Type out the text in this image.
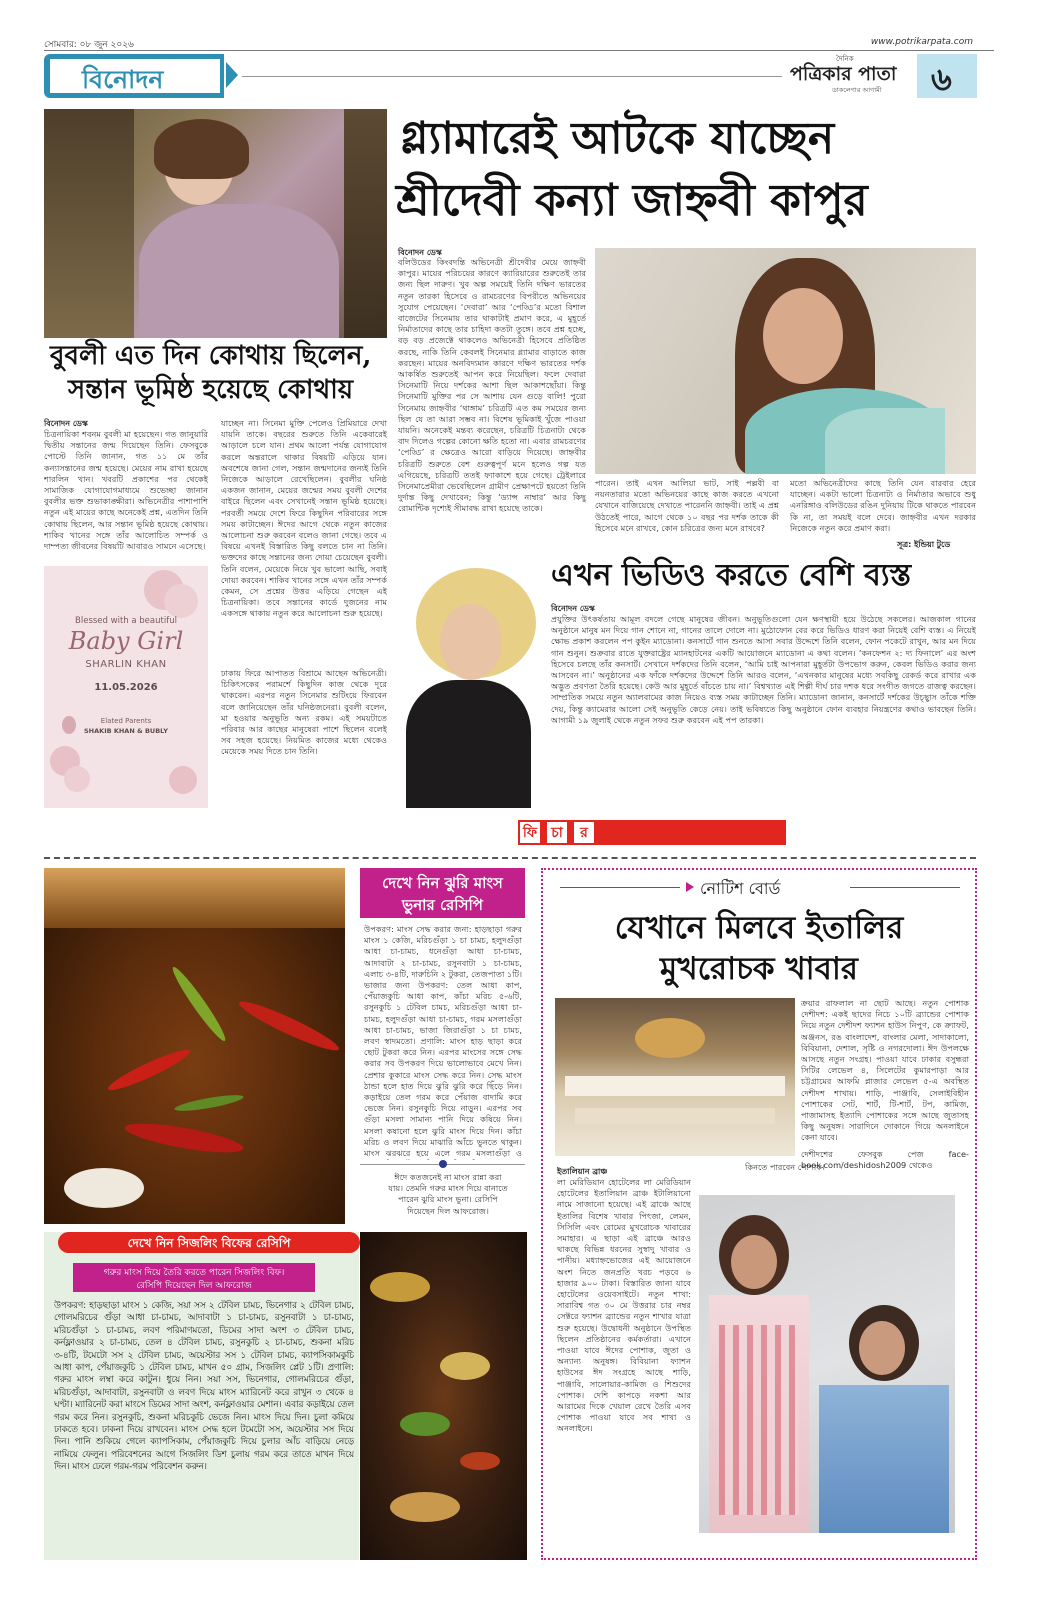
সোমবার: ০৮ জুন ২০২৬	www.potrikarpata.com
বিনোদন
দৈনিক
পত্রিকার পাতা
ডাকলেগার আগামী ৬
বুবলী এত দিন কোথায় ছিলেন,
সন্তান ভূমিষ্ঠ হয়েছে কোথায়
বিনোদন ডেস্ক
চিত্রনায়িকা শবনম বুবলী মা হয়েছেন। গত জানুয়ারি দ্বিতীয় সন্তানের জন্ম দিয়েছেন তিনি। ফেসবুকে পোস্টে তিনি জানান, গত ১১ মে তাঁর কন্যাসন্তানের জন্ম হয়েছে। মেয়ের নাম রাখা হয়েছে শারলিন খান। খবরটি প্রকাশের পর থেকেই সামাজিক যোগাযোগমাধ্যমে শুভেচ্ছা জানান বুবলীর ভক্ত শুভাকাঙ্ক্ষীরা। অভিনেত্রীর পাশাপাশি নতুন এই মায়ের কাছে অনেকেই প্রশ্ন, এতদিন তিনি কোথায় ছিলেন, আর সন্তান ভূমিষ্ঠ হয়েছে কোথায়। শাকিব খানের সঙ্গে তাঁর আলোচিত সম্পর্ক ও দাম্পত্য জীবনের বিষয়টি আবারও সামনে এসেছে।
যাচ্ছেন না। সিনেমা মুক্তি পেলেও প্রিমিয়ারে দেখা যায়নি তাকে। বছরের শুরুতে তিনি একেবারেই আড়ালে চলে যান। প্রথম আলো পর্যন্ত যোগাযোগ করলে অন্তরালে থাকার বিষয়টি এড়িয়ে যান। অবশেষে জানা গেল, সন্তান জন্মদানের জন্যই তিনি নিজেকে আড়ালে রেখেছিলেন। বুবলীর ঘনিষ্ঠ একজন জানান, মেয়ের জন্মের সময় বুবলী দেশের বাইরে ছিলেন এবং সেখানেই সন্তান ভূমিষ্ঠ হয়েছে। পরবর্তী সময়ে দেশে ফিরে কিছুদিন পরিবারের সঙ্গে সময় কাটাচ্ছেন। ঈদের আগে থেকে নতুন কাজের আলোচনা শুরু করবেন বলেও জানা গেছে। তবে এ বিষয়ে এখনই বিস্তারিত কিছু বলতে চান না তিনি। ভক্তদের কাছে সন্তানের জন্য দোয়া চেয়েছেন বুবলী। তিনি বলেন, মেয়েকে নিয়ে খুব ভালো আছি, সবাই দোয়া করবেন। শাকিব খানের সঙ্গে এখন তাঁর সম্পর্ক কেমন, সে প্রশ্নের উত্তর এড়িয়ে গেছেন এই চিত্রনায়িকা। তবে সন্তানের কার্ডে দুজনের নাম একসঙ্গে থাকায় নতুন করে আলোচনা শুরু হয়েছে।
ঢাকায় ফিরে আপাতত বিশ্রামে আছেন অভিনেত্রী। চিকিৎসকের পরামর্শে কিছুদিন কাজ থেকে দূরে থাকবেন। এরপর নতুন সিনেমার শুটিংয়ে ফিরবেন বলে জানিয়েছেন তাঁর ঘনিষ্ঠজনেরা। বুবলী বলেন, মা হওয়ার অনুভূতি অন্য রকম। এই সময়টাতে পরিবার আর কাছের মানুষেরা পাশে ছিলেন বলেই সব সহজ হয়েছে। নিয়মিত কাজের মধ্যে থেকেও মেয়েকে সময় দিতে চান তিনি।
Blessed with a beautiful
Baby Girl
SHARLIN KHAN
11.05.2026
Elated Parents
SHAKIB KHAN & BUBLY
গ্ল্যামারেই আটকে যাচ্ছেন
শ্রীদেবী কন্যা জাহ্নবী কাপুর
বিনোদন ডেস্ক
বলিউডের কিংবদন্তি অভিনেত্রী শ্রীদেবীর মেয়ে জাহ্নবী কাপুর। মায়ের পরিচয়ের কারণে ক্যারিয়ারের শুরুতেই তার জন্য ছিল দারুণ। খুব অল্প সময়েই তিনি দক্ষিণ ভারতের নতুন তারকা হিসেবে ও রামচরণের বিপরীতে অভিনয়ের সুযোগ পেয়েছেন। ‘দেবারা’ আর ‘পেড্ডি’র মতো বিশাল বাজেটের সিনেমায় তার থাকাটাই প্রমাণ করে, এ মুহূর্তে নির্মাতাদের কাছে তার চাহিদা কতটা তুঙ্গে। তবে প্রশ্ন হচ্ছে, বড় বড় প্রজেক্টে থাকলেও অভিনেত্রী হিসেবে প্রতিষ্ঠিত করছে, নাকি তিনি কেবলই সিনেমার গ্ল্যামার বাড়াতে কাজ করছেন। মায়ের অনবিদ্যমান কারণে দক্ষিণ ভারতের দর্শক আকর্ষিত শুরুতেই আপন করে নিয়েছিল। ফলে দেবারা সিনেমাটি নিয়ে দর্শকের আশা ছিল আকাশছোঁয়া। কিন্তু সিনেমাটি মুক্তির পর সে আশায় যেন গুড়ে বালি! পুরো সিনেমায় জাহ্নবীর ‘থাঙ্গাম’ চরিত্রটি এত কম সময়ের জন্য ছিল যে তা আরা সম্ভব না। বিশেষ ভূমিকাই খুঁজে পাওয়া যায়নি। অনেকেই মন্তব্য করেছেন, চরিত্রটি চিত্রনাট্য থেকে বাদ দিলেও গল্পের কোনো ক্ষতি হতো না। এবার রামচরণের ‘পেড্ডি’ র ক্ষেত্রেও আরো বাড়িয়ে দিয়েছে। জাহ্নবীর চরিত্রটি শুরুতে বেশ গুরুত্বপূর্ণ মনে হলেও গল্প যত এগিয়েছে, চরিত্রটি ততই ফ্যাকাশে হয়ে গেছে। ট্রেইলারে সিনেমাপ্রেমীরা ভেবেছিলেন গ্রামীণ প্রেক্ষাপটে হয়তো তিনি দুর্দান্ত কিছু দেখাবেন; কিন্তু ‘ড্যান্স নাম্বার’ আর কিছু রোমান্টিক দৃশ্যেই সীমাবদ্ধ রাখা হয়েছে তাকে।
পারেন। তাই এখন আলিয়া ভাট, সাই পল্লবী বা নয়নতারার মতো অভিনয়ের কাছে কাজ করতে এখনো যেখানে বাজিয়েছে দেখাতে পারেননি জাহ্নবী। তাই এ প্রশ্ন উঠতেই পারে, আগে থেকে ১০ বছর পর দর্শক তাকে কী হিসেবে মনে রাখবে, কোন চরিত্রের জন্য মনে রাখবে?
মতো অভিনেত্রীদের কাছে তিনি যেন বারবার হেরে যাচ্ছেন। একটা ভালো চিত্রনাট্য ও নির্মাতার অভাবে শুধু এনরিঙ্গাও বলিউডের রঙিন দুনিয়ায় টিকে থাকতে পারবেন কি না, তা সময়ই বলে দেবে। জাহ্নবীর এখন দরকার নিজেকে নতুন করে প্রমাণ করা।
সূত্র: ইন্ডিয়া টুডে
এখন ভিডিও করতে বেশি ব্যস্ত
বিনোদন ডেস্ক
প্রযুক্তির উৎকর্ষতায় আমূল বদলে গেছে মানুষের জীবন। অনুভূতিগুলো যেন ক্ষণস্থায়ী হয়ে উঠেছে সকলের। আজকাল গানের অনুষ্ঠানে মানুষ মন দিয়ে গান শোনে না, গানের তালে দোলে না। মুঠোফোন বের করে ভিডিও ধারণ করা নিয়েই বেশি ব্যস্ত। এ নিয়েই ক্ষোভ প্রকাশ করলেন পপ কুইন ম্যাডোনা। কনসার্টে গান শুনতে আসা সবার উদ্দেশে তিনি বলেন, ফোন পকেটে রাখুন, আর মন দিয়ে গান শুনুন। শুক্রবার রাতে যুক্তরাষ্ট্রের ম্যানহাটনের একটি আয়োজনে ম্যাডোনা এ কথা বলেন। ‘কনফেশন ২: দ্য ফিনালে’ এর অংশ হিসেবে চলছে তাঁর কনসার্ট। সেখানে দর্শকদের তিনি বলেন, ‘আমি চাই আপনারা মুহূর্তটা উপভোগ করুন, কেবল ভিডিও করার জন্য আসবেন না।’ অনুষ্ঠানের এক ফাঁকে দর্শকদের উদ্দেশে তিনি আরও বলেন, ‘এখনকার মানুষের মধ্যে সবকিছু রেকর্ড করে রাখার এক অদ্ভুত প্রবণতা তৈরি হয়েছে। কেউ আর মুহূর্তে বাঁচতে চায় না।’ বিশ্বখ্যাত এই শিল্পী দীর্ঘ চার দশক ধরে সংগীত জগতে রাজত্ব করছেন। সাম্প্রতিক সময়ে নতুন অ্যালবামের কাজ নিয়েও ব্যস্ত সময় কাটাচ্ছেন তিনি। ম্যাডোনা জানান, কনসার্টে দর্শকের উচ্ছ্বাস তাঁকে শক্তি দেয়, কিন্তু ক্যামেরার আলো সেই অনুভূতি কেড়ে নেয়। তাই ভবিষ্যতে কিছু অনুষ্ঠানে ফোন ব্যবহার নিয়ন্ত্রণের কথাও ভাবছেন তিনি। আগামী ১৯ জুলাই থেকে নতুন সফর শুরু করবেন এই পপ তারকা।
ফি চা	র
দেখে নিন ঝুরি মাংস
ভুনার রেসিপি
উপকরণ: মাংস সেদ্ধ করার জন্য: হাড়ছাড়া গরুর মাংস ১ কেজি, মরিচগুঁড়া ১ চা চামচ, হলুদগুঁড়া আধা চা-চামচ, ধনেগুঁড়া আধা চা-চামচ, আদাবাটা ২ চা-চামচ, রসুনবাটা ১ চা-চামচ, এলাচ ৩-৪টি, দারুচিনি ২ টুকরা, তেজপাতা ১টি। ভাজার জন্য উপকরণ: তেল আধা কাপ, পেঁয়াজকুচি আধা কাপ, কাঁচা মরিচ ৫-৬টি, রসুনকুচি ১ টেবিল চামচ, মরিচগুঁড়া আধা চা-চামচ, হলুদগুঁড়া আধা চা-চামচ, গরম মসলাগুঁড়া আধা চা-চামচ, ভাজা জিরাগুঁড়া ১ চা চামচ, লবণ স্বাদমতো। প্রণালি: মাংস হাড় ছাড়া করে ছোট টুকরা করে নিন। এরপর মাংসের সঙ্গে সেদ্ধ করার সব উপকরণ দিয়ে ভালোভাবে মেখে নিন। প্রেশার কুকারে মাংস সেদ্ধ করে নিন। সেদ্ধ মাংস ঠান্ডা হলে হাত দিয়ে ঝুরি ঝুরি করে ছিঁড়ে নিন। কড়াইয়ে তেল গরম করে পেঁয়াজ বাদামি করে ভেজে নিন। রসুনকুচি দিয়ে নাড়ুন। এরপর সব গুঁড়া মসলা সামান্য পানি দিয়ে কষিয়ে নিন। মসলা কষানো হলে ঝুরি মাংস দিয়ে দিন। কাঁচা মরিচ ও লবণ দিয়ে মাঝারি আঁচে ভুনতে থাকুন। মাংস ঝরঝরে হয়ে এলে গরম মসলাগুঁড়া ও
ঈদে কতজনেই না মাংস রান্না করা যায়। তেমনি গরুর মাংস দিয়ে বানাতে পারেন ঝুরি মাংস ভুনা। রেসিপি দিয়েছেন দিল আফরোজ।
দেখে নিন সিজলিং বিফের রেসিপি
গরুর মাংস দিয়ে তৈরি করতে পারেন সিজলিং বিফ।
রেসিপি দিয়েছেন দিল আফরোজ
উপকরণ: হাড়ছাড়া মাংস ১ কেজি, সয়া সস ২ টেবিল চামচ, ভিনেগার ২ টেবিল চামচ, গোলমরিচের গুঁড়া আধা চা-চামচ, আদাবাটা ১ চা-চামচ, রসুনবাটা ১ চা-চামচ, মরিচগুঁড়া ১ চা-চামচ, লবণ পরিমাণমতো, ডিমের সাদা অংশ ৩ টেবিল চামচ, কর্নফ্লাওয়ার ২ চা-চামচ, তেল ৪ টেবিল চামচ, রসুনকুচি ২ চা-চামচ, শুকনা মরিচ ৩-৪টি, টমেটো সস ২ টেবিল চামচ, অয়েস্টার সস ১ টেবিল চামচ, ক্যাপসিকামকুচি আধা কাপ, পেঁয়াজকুচি ১ টেবিল চামচ, মাখন ৫০ গ্রাম, সিজলিং প্লেট ১টি। প্রণালি: গরুর মাংস লম্বা করে কাটুন। ধুয়ে নিন। সয়া সস, ভিনেগার, গোলমরিচের গুঁড়া, মরিচগুঁড়া, আদাবাটা, রসুনবাটা ও লবণ দিয়ে মাংস ম্যারিনেট করে রাখুন ৩ থেকে ৪ ঘণ্টা। ম্যারিনেট করা মাংসে ডিমের সাদা অংশ, কর্নফ্লাওয়ার মেশান। এবার কড়াইয়ে তেল গরম করে নিন। রসুনকুচি, শুকনা মরিচকুচি ভেজে নিন। মাংস দিয়ে দিন। চুলা কমিয়ে ঢাকতে হবে। ঢাকনা দিয়ে রাখবেন। মাংস সেদ্ধ হলে টমেটো সস, অয়েস্টার সস দিয়ে দিন। পানি শুকিয়ে গেলে ক্যাপসিকাম, পেঁয়াজকুচি দিয়ে চুলার আঁচ বাড়িয়ে নেড়ে নামিয়ে ফেলুন। পরিবেশনের আগে সিজলিং ডিশ চুলায় গরম করে তাতে মাখন দিয়ে দিন। মাংস ঢেলে গরম-গরম পরিবেশন করুন।
নোটিশ বোর্ড
যেখানে মিলবে ইতালির
মুখরোচক খাবার
ক্রয়ার রাফলাল না ছোট আছে। নতুন পোশাক দেশীদশ: একই ছাদের নিচে ১০টি ব্র্যান্ডের পোশাক নিয়ে নতুন দেশীদশ ফ্যাশন হাউস নিপুণ, কে ক্র্যাফট, অঞ্জনস, রঙ বাংলাদেশ, বাংলার মেলা, সাদাকালো, বিবিয়ানা, দেশাল, সৃষ্টি ও নগরদোলা। ঈদ উপলক্ষে আসছে নতুন সংগ্রহ। পাওয়া যাবে ঢাকার বসুন্ধরা সিটির লেভেল ৪, সিলেটের কুমারপাড়া আর চট্টগ্রামের আফমি প্লাজার লেভেল ৫-এ অবস্থিত দেশীদশ শাখায়। শাড়ি, পাঞ্জাবি, সেলাইবিহীন পোশাকের সেট, শার্ট, টি-শার্ট, টপ, কামিজ, পাজামাসহ ইত্যাদি পোশাকের সঙ্গে আছে জুতাসহ কিছু অনুষঙ্গ। সারাদিনে দোকানে গিয়ে অনলাইনে কেনা যাবে।
দেশীদশের ফেসবুক পেজ face-book.com/deshidosh2009 থেকেও
কিনতে পারবেন পোশাক।
ইতালিয়ান ব্রাঞ্চ
লা মেরিডিয়ান হোটেলের লা মেরিডিয়ান হোটেলের ইতালিয়ান ব্রাঞ্চ ইটালিয়ানো নামে সাজানো হয়েছে। এই ব্রাঞ্চে আছে ইতালির বিশেষ খাবার পিৎজা, লেমন, সিসিলি এবং রোমের মুখরোচক খাবারের সমাহার। এ ছাড়া এই ব্রাঞ্চে আরও থাকছে বিভিন্ন ধরনের সুস্বাদু খাবার ও পানীয়। মধ্যাহ্নভোজের এই আয়োজনে অংশ নিতে জনপ্রতি খরচ পড়বে ৬ হাজার ৯০০ টাকা। বিস্তারিত জানা যাবে হোটেলের ওয়েবসাইটে। নতুন শাখা: সারাবিশ্ব গত ৩০ মে উত্তরার চার নম্বর সেক্টরে ফ্যাশন ব্র্যান্ডের নতুন শাখার যাত্রা শুরু হয়েছে। উদ্বোধনী অনুষ্ঠানে উপস্থিত ছিলেন প্রতিষ্ঠানের কর্মকর্তারা। এখানে পাওয়া যাবে ঈদের পোশাক, জুতা ও অন্যান্য অনুষঙ্গ। বিবিয়ানা ফ্যাশন হাউসের ঈদ সংগ্রহে আছে শাড়ি, পাঞ্জাবি, সালোয়ার-কামিজ ও শিশুদের পোশাক। দেশি কাপড়ে নকশা আর আরামের দিকে খেয়াল রেখে তৈরি এসব পোশাক পাওয়া যাবে সব শাখা ও অনলাইনে।
